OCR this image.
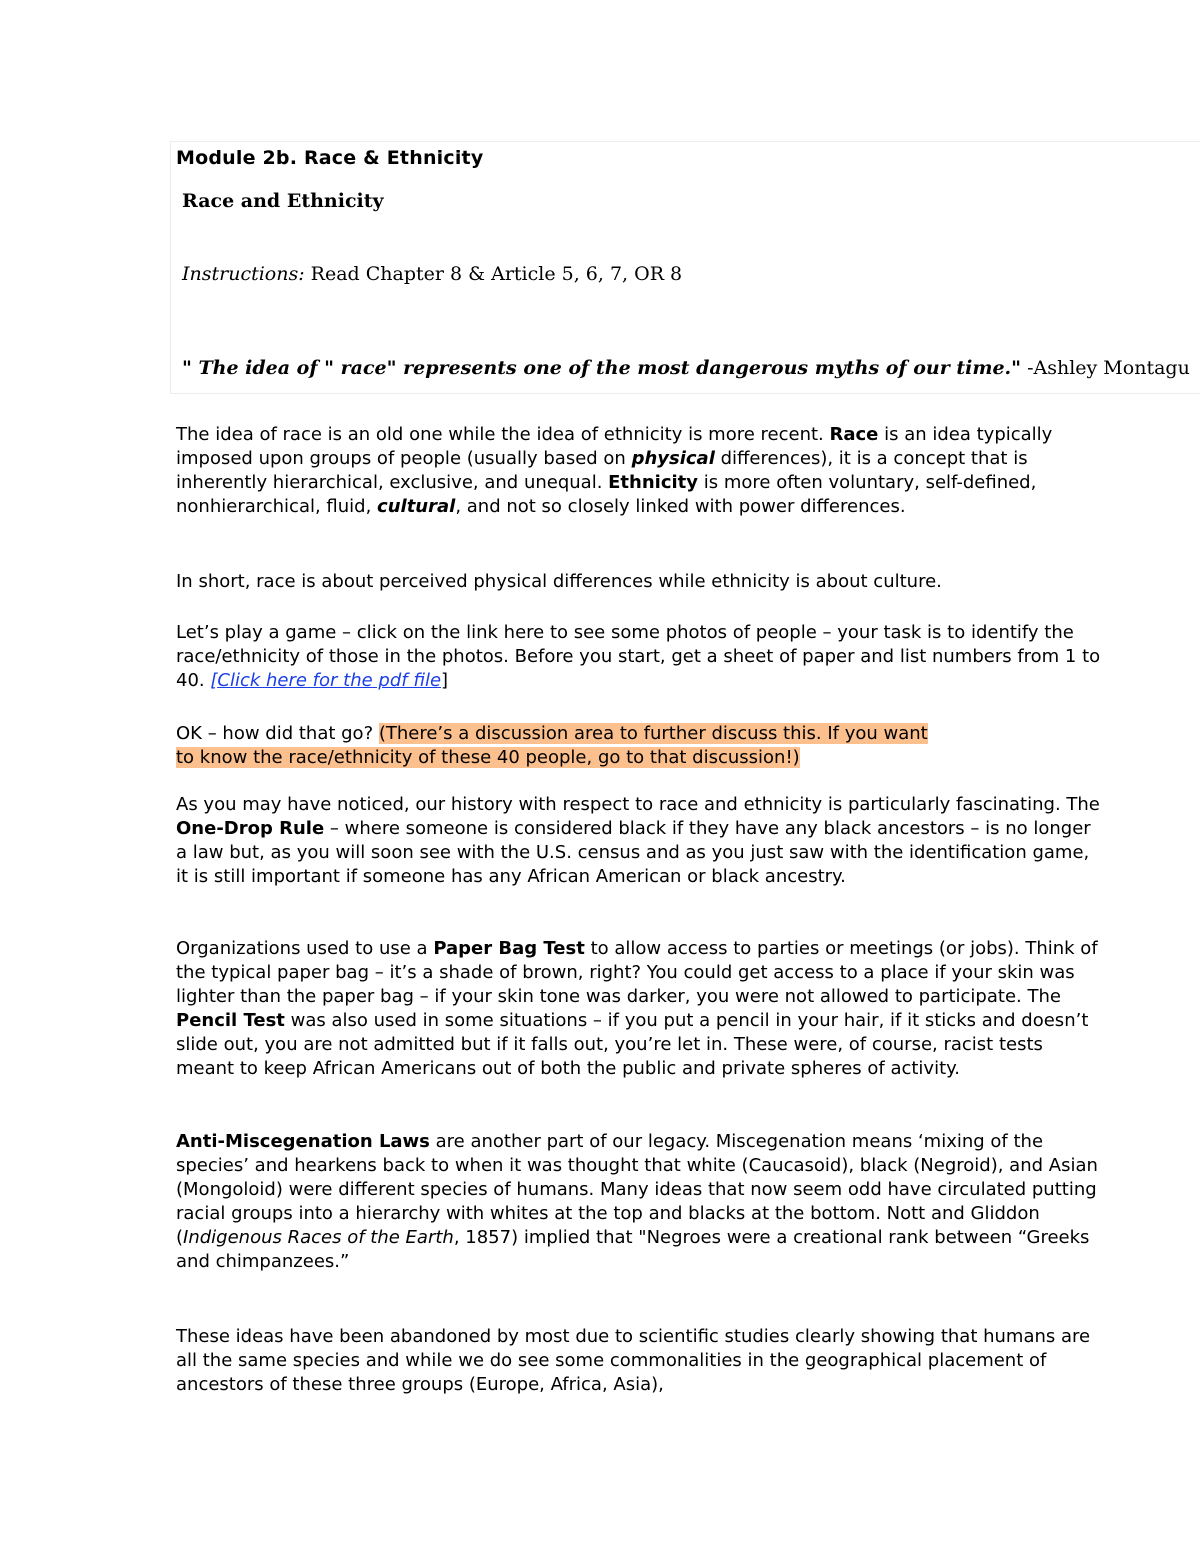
Module 2b. Race & Ethnicity
Race and Ethnicity
Instructions: Read Chapter 8 & Article 5, 6, 7, OR 8
" The idea of " race" represents one of the most dangerous myths of our time." -Ashley Montagu

The idea of race is an old one while the idea of ethnicity is more recent. Race is an idea typically imposed upon groups of people (usually based on physical differences), it is a concept that is inherently hierarchical, exclusive, and unequal. Ethnicity is more often voluntary, self-defined, nonhierarchical, fluid, cultural, and not so closely linked with power differences.

In short, race is about perceived physical differences while ethnicity is about culture.

Let’s play a game – click on the link here to see some photos of people – your task is to identify the race/ethnicity of those in the photos. Before you start, get a sheet of paper and list numbers from 1 to 40. [Click here for the pdf file]

OK – how did that go? (There’s a discussion area to further discuss this. If you want
to know the race/ethnicity of these 40 people, go to that discussion!)

As you may have noticed, our history with respect to race and ethnicity is particularly fascinating. The One-Drop Rule – where someone is considered black if they have any black ancestors – is no longer a law but, as you will soon see with the U.S. census and as you just saw with the identification game, it is still important if someone has any African American or black ancestry.

Organizations used to use a Paper Bag Test to allow access to parties or meetings (or jobs). Think of the typical paper bag – it’s a shade of brown, right? You could get access to a place if your skin was lighter than the paper bag – if your skin tone was darker, you were not allowed to participate. The Pencil Test was also used in some situations – if you put a pencil in your hair, if it sticks and doesn’t slide out, you are not admitted but if it falls out, you’re let in. These were, of course, racist tests meant to keep African Americans out of both the public and private spheres of activity.

Anti-Miscegenation Laws are another part of our legacy. Miscegenation means ‘mixing of the species’ and hearkens back to when it was thought that white (Caucasoid), black (Negroid), and Asian (Mongoloid) were different species of humans. Many ideas that now seem odd have circulated putting racial groups into a hierarchy with whites at the top and blacks at the bottom. Nott and Gliddon (Indigenous Races of the Earth, 1857) implied that "Negroes were a creational rank between “Greeks and chimpanzees.”

These ideas have been abandoned by most due to scientific studies clearly showing that humans are all the same species and while we do see some commonalities in the geographical placement of ancestors of these three groups (Europe, Africa, Asia),
